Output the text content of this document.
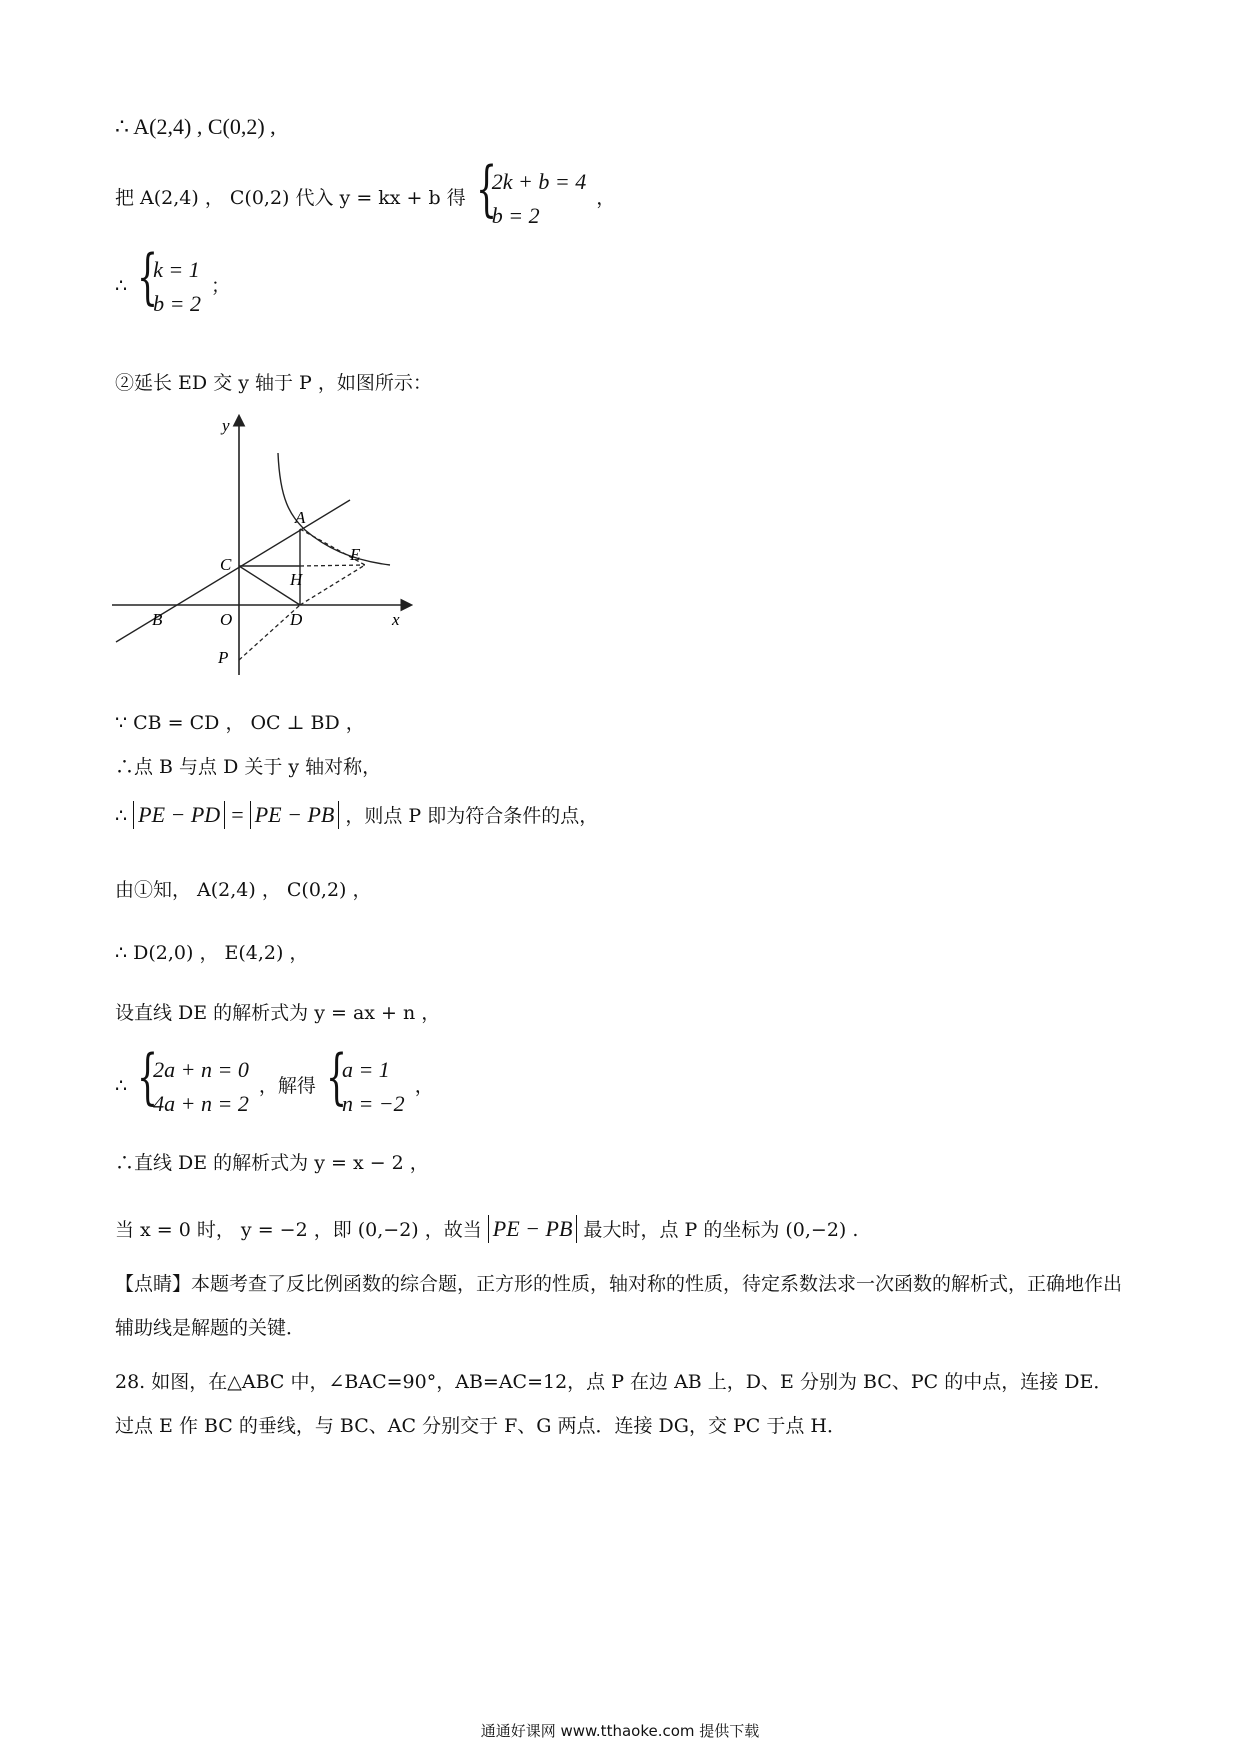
∴ A(2,4) , C(0,2) ,
把 A(2,4) ， C(0,2) 代入 y = kx + b 得 {
2k + b = 4
b = 2
，
∴ {
k = 1
b = 2
；
②延长 ED 交 y 轴于 P ，如图所示：
y
x
A
C
E
H
B	O	D
P
∵ CB = CD ， OC ⊥ BD ，
∴点 B 与点 D 关于 y 轴对称，
∴ PE − PD = PE − PB ，则点 P 即为符合条件的点，
由①知， A(2,4) ， C(0,2) ，
∴ D(2,0) ， E(4,2) ，
设直线 DE 的解析式为 y = ax + n ，
∴ {
2a + n = 0
4a + n = 2
，解得 {
a = 1
n = −2
，
∴直线 DE 的解析式为 y = x − 2 ，
当 x = 0 时， y = −2 ，即 (0,−2) ，故当 PE − PB 最大时，点 P 的坐标为 (0,−2) .
【点睛】本题考查了反比例函数的综合题，正方形的性质，轴对称的性质，待定系数法求一次函数的解析式，正确地作出辅助线是解题的关键．
28. 如图，在△ABC 中，∠BAC=90°，AB=AC=12，点 P 在边 AB 上，D、E 分别为 BC、PC 的中点，连接 DE．过点 E 作 BC 的垂线，与 BC、AC 分别交于 F、G 两点．连接 DG，交 PC 于点 H．
通通好课网 www.tthaoke.com 提供下载
